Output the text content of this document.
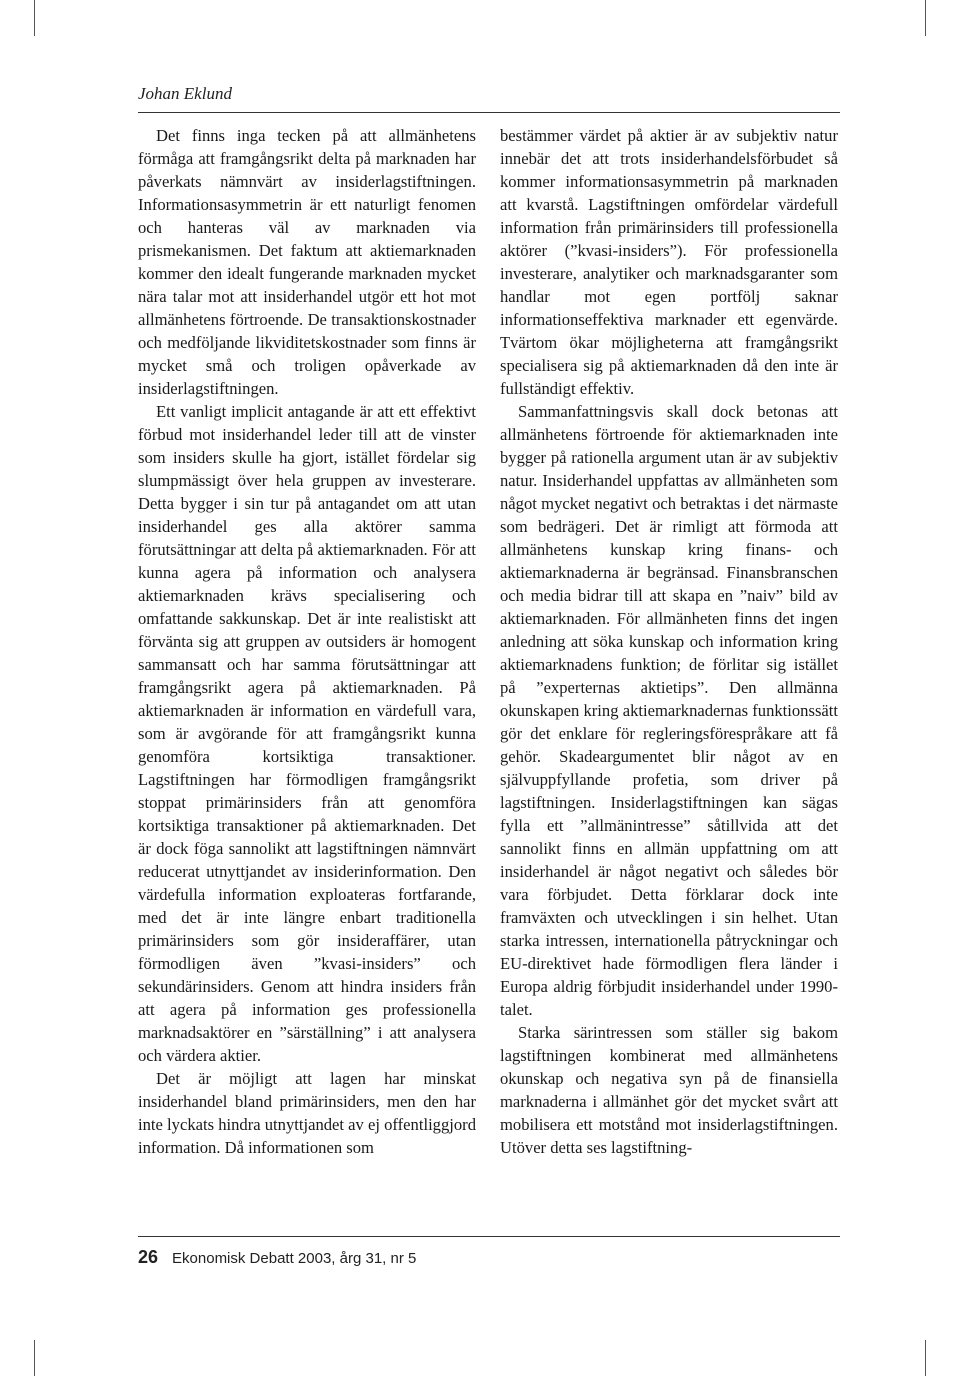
Johan Eklund

Det finns inga tecken på att allmänhetens förmåga att framgångsrikt delta på marknaden har påverkats nämnvärt av insiderlagstiftningen. Informationsasymmetrin är ett naturligt fenomen och hanteras väl av marknaden via prismekanismen. Det faktum att aktiemarknaden kommer den idealt fungerande marknaden mycket nära talar mot att insiderhandel utgör ett hot mot allmänhetens förtroende. De transaktionskostnader och medföljande likviditetskostnader som finns är mycket små och troligen opåverkade av insiderlagstiftningen.

Ett vanligt implicit antagande är att ett effektivt förbud mot insiderhandel leder till att de vinster som insiders skulle ha gjort, istället fördelar sig slumpmässigt över hela gruppen av investerare. Detta bygger i sin tur på antagandet om att utan insiderhandel ges alla aktörer samma förutsättningar att delta på aktiemarknaden. För att kunna agera på information och analysera aktiemarknaden krävs specialisering och omfattande sakkunskap. Det är inte realistiskt att förvänta sig att gruppen av outsiders är homogent sammansatt och har samma förutsättningar att framgångsrikt agera på aktiemarknaden. På aktiemarknaden är information en värdefull vara, som är avgörande för att framgångsrikt kunna genomföra kortsiktiga transaktioner. Lagstiftningen har förmodligen framgångsrikt stoppat primärinsiders från att genomföra kortsiktiga transaktioner på aktiemarknaden. Det är dock föga sannolikt att lagstiftningen nämnvärt reducerat utnyttjandet av insiderinformation. Den värdefulla information exploateras fortfarande, med det är inte längre enbart traditionella primärinsiders som gör insideraffärer, utan förmodligen även ”kvasi-insiders” och sekundärinsiders. Genom att hindra insiders från att agera på information ges professionella marknadsaktörer en ”särställning” i att analysera och värdera aktier.

Det är möjligt att lagen har minskat insiderhandel bland primärinsiders, men den har inte lyckats hindra utnyttjandet av ej offentliggjord information. Då informationen som

bestämmer värdet på aktier är av subjektiv natur innebär det att trots insiderhandelsförbudet så kommer informationsasymmetrin på marknaden att kvarstå. Lagstiftningen omfördelar värdefull information från primärinsiders till professionella aktörer (”kvasi-insiders”). För professionella investerare, analytiker och marknadsgaranter som handlar mot egen portfölj saknar informationseffektiva marknader ett egenvärde. Tvärtom ökar möjligheterna att framgångsrikt specialisera sig på aktiemarknaden då den inte är fullständigt effektiv.

Sammanfattningsvis skall dock betonas att allmänhetens förtroende för aktiemarknaden inte bygger på rationella argument utan är av subjektiv natur. Insiderhandel uppfattas av allmänheten som något mycket negativt och betraktas i det närmaste som bedrägeri. Det är rimligt att förmoda att allmänhetens kunskap kring finans- och aktiemarknaderna är begränsad. Finansbranschen och media bidrar till att skapa en ”naiv” bild av aktiemarknaden. För allmänheten finns det ingen anledning att söka kunskap och information kring aktiemarknadens funktion; de förlitar sig istället på ”experternas aktietips”. Den allmänna okunskapen kring aktiemarknadernas funktionssätt gör det enklare för regleringsförespråkare att få gehör. Skadeargumentet blir något av en självuppfyllande profetia, som driver på lagstiftningen. Insiderlagstiftningen kan sägas fylla ett ”allmänintresse” såtillvida att det sannolikt finns en allmän uppfattning om att insiderhandel är något negativt och således bör vara förbjudet. Detta förklarar dock inte framväxten och utvecklingen i sin helhet. Utan starka intressen, internationella påtryckningar och EU-direktivet hade förmodligen flera länder i Europa aldrig förbjudit insiderhandel under 1990-talet.

Starka särintressen som ställer sig bakom lagstiftningen kombinerat med allmänhetens okunskap och negativa syn på de finansiella marknaderna i allmänhet gör det mycket svårt att mobilisera ett motstånd mot insiderlagstiftningen. Utöver detta ses lagstiftning-

26 Ekonomisk Debatt 2003, årg 31, nr 5
